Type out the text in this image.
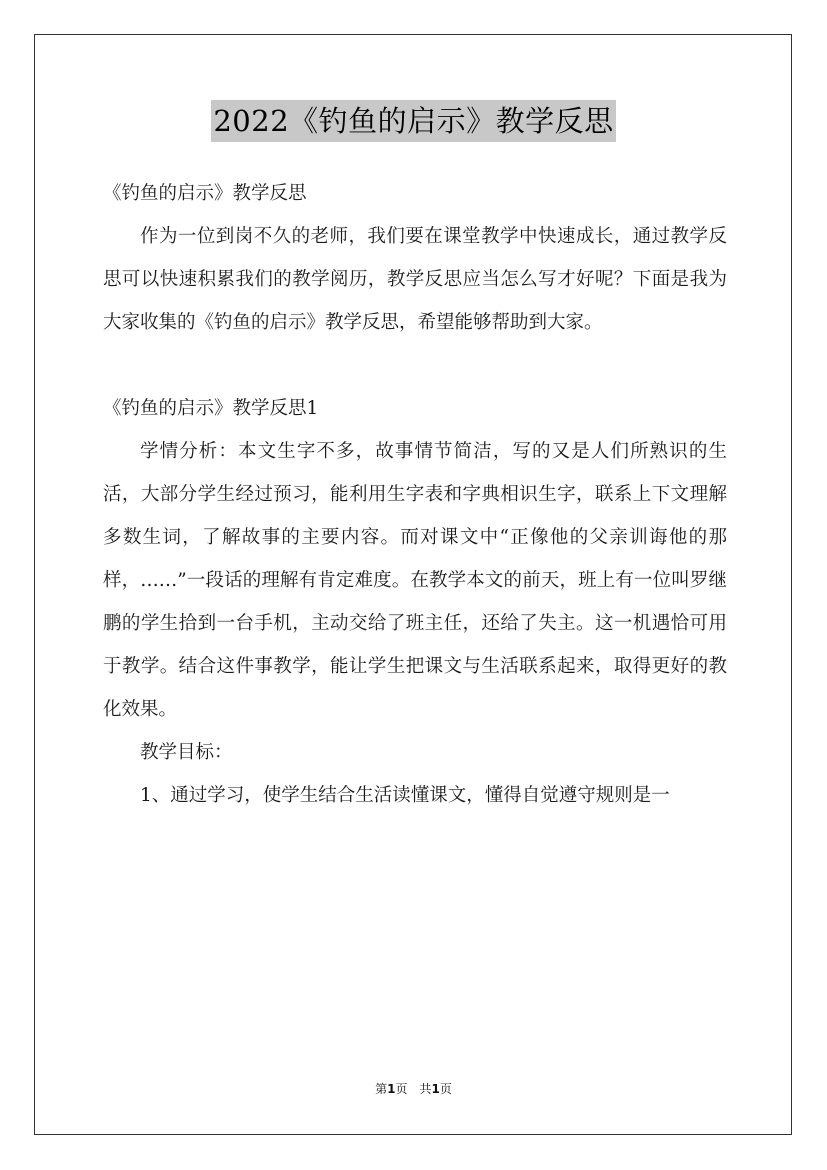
2022《钓鱼的启示》教学反思

《钓鱼的启示》教学反思

作为一位到岗不久的老师，我们要在课堂教学中快速成长，通过教学反思可以快速积累我们的教学阅历，教学反思应当怎么写才好呢？下面是我为大家收集的《钓鱼的启示》教学反思，希望能够帮助到大家。

《钓鱼的启示》教学反思1

学情分析：本文生字不多，故事情节简洁，写的又是人们所熟识的生活，大部分学生经过预习，能利用生字表和字典相识生字，联系上下文理解多数生词，了解故事的主要内容。而对课文中“正像他的父亲训诲他的那样，……”一段话的理解有肯定难度。在教学本文的前天，班上有一位叫罗继鹏的学生拾到一台手机，主动交给了班主任，还给了失主。这一机遇恰可用于教学。结合这件事教学，能让学生把课文与生活联系起来，取得更好的教化效果。

教学目标：

1、通过学习，使学生结合生活读懂课文，懂得自觉遵守规则是一

第1页 共1页
